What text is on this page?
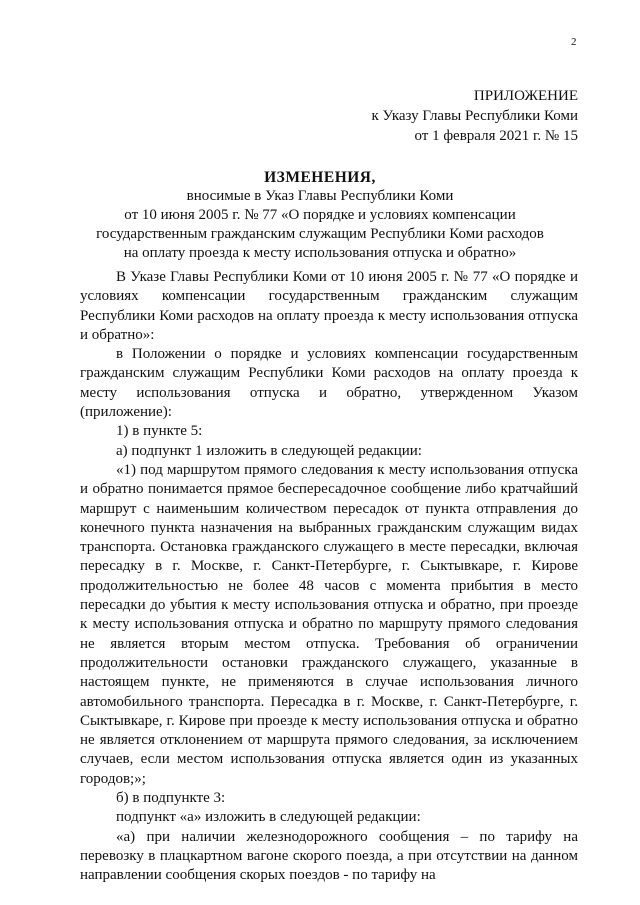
2
ПРИЛОЖЕНИЕ
к Указу Главы Республики Коми
от 1 февраля 2021 г. № 15
ИЗМЕНЕНИЯ,
вносимые в Указ Главы Республики Коми
от 10 июня 2005 г. № 77 «О порядке и условиях компенсации
государственным гражданским служащим Республики Коми расходов
на оплату проезда к месту использования отпуска и обратно»

В Указе Главы Республики Коми от 10 июня 2005 г. № 77 «О порядке и условиях компенсации государственным гражданским служащим Республики Коми расходов на оплату проезда к месту использования отпуска и обратно»:

в Положении о порядке и условиях компенсации государственным гражданским служащим Республики Коми расходов на оплату проезда к месту использования отпуска и обратно, утвержденном Указом (приложение):

1) в пункте 5:

а) подпункт 1 изложить в следующей редакции:

«1) под маршрутом прямого следования к месту использования отпуска и обратно понимается прямое беспересадочное сообщение либо кратчайший маршрут с наименьшим количеством пересадок от пункта отправления до конечного пункта назначения на выбранных гражданским служащим видах транспорта. Остановка гражданского служащего в месте пересадки, включая пересадку в г. Москве, г. Санкт-Петербурге, г. Сыктывкаре, г. Кирове продолжительностью не более 48 часов с момента прибытия в место пересадки до убытия к месту использования отпуска и обратно, при проезде к месту использования отпуска и обратно по маршруту прямого следования не является вторым местом отпуска. Требования об ограничении продолжительности остановки гражданского служащего, указанные в настоящем пункте, не применяются в случае использования личного автомобильного транспорта. Пересадка в г. Москве, г. Санкт-Петербурге, г. Сыктывкаре, г. Кирове при проезде к месту использования отпуска и обратно не является отклонением от маршрута прямого следования, за исключением случаев, если местом использования отпуска является один из указанных городов;»;

б) в подпункте 3:

подпункт «а» изложить в следующей редакции:

«а) при наличии железнодорожного сообщения – по тарифу на перевозку в плацкартном вагоне скорого поезда, а при отсутствии на данном направлении сообщения скорых поездов - по тарифу на
